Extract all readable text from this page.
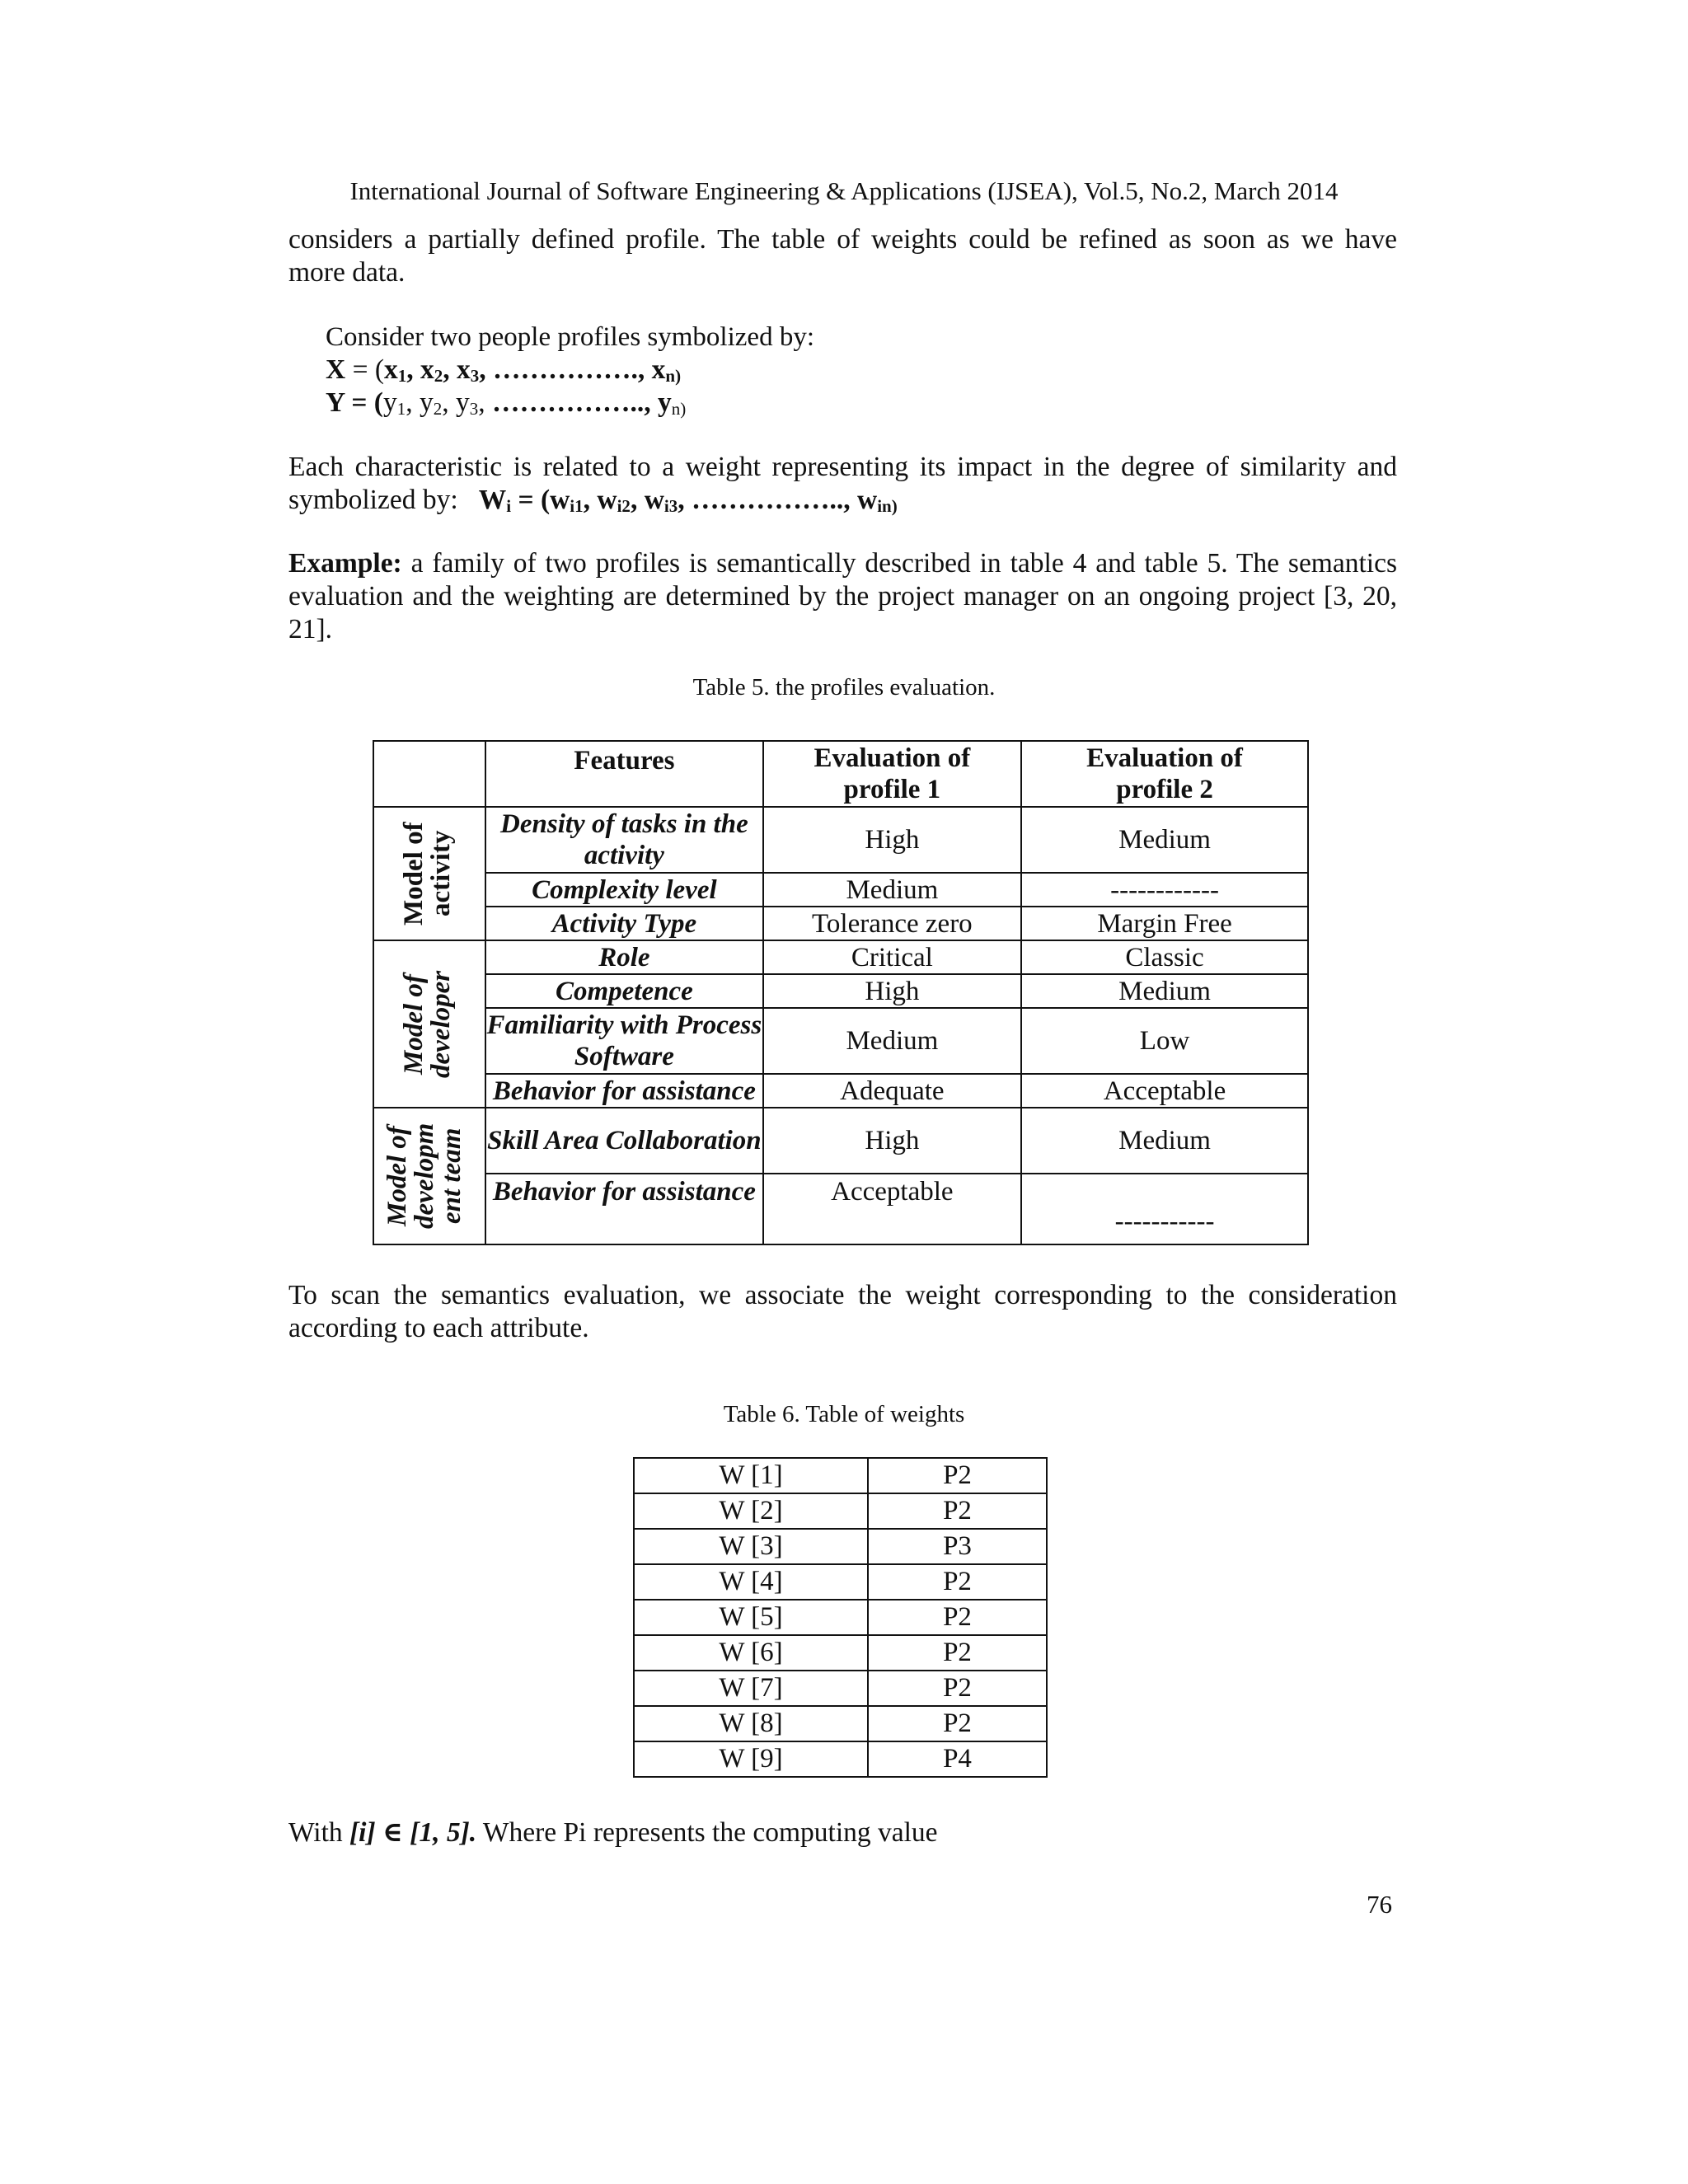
International Journal of Software Engineering & Applications (IJSEA), Vol.5, No.2, March 2014

considers a partially defined profile. The table of weights could be refined as soon as we have
more data.

Consider two people profiles symbolized by:
$X = (x_1$, $x_2$, $x_3$, ……………., $x_{n)}$
$Y = (y_1$, $y_2$, $y_3$, …………….., $y_{n)}$

Each characteristic is related to a weight representing its impact in the degree of similarity and
symbolized by: $W_i = (w_{i1}$, $w_{i2}$, $w_{i3}$, …………….., $w_{in)}$

Example: a family of two profiles is semantically described in table 4 and table 5. The semantics
evaluation and the weighting are determined by the project manager on an ongoing project [3, 20,
21].

Table 5. the profiles evaluation.
	Features	Evaluation of profile 1	Evaluation of profile 2

Model of activity	Density of tasks in the activity	High	Medium
	Complexity level	Medium	------------
	Activity Type	Tolerance zero	Margin Free

Model of developer	Role	Critical	Classic
	Competence	High	Medium
	Familiarity with Process Software	Medium	Low
	Behavior for assistance	Adequate	Acceptable

Model of developm ent team	Skill Area Collaboration	High	Medium
	Behavior for assistance	Acceptable	-----------

To scan the semantics evaluation, we associate the weight corresponding to the consideration
according to each attribute.

Table 6. Table of weights
W [1]	P2
W [2]	P2
W [3]	P3
W [4]	P2
W [5]	P2
W [6]	P2
W [7]	P2
W [8]	P2
W [9]	P4
With [i] ∈ [1, 5]. Where Pi represents the computing value
76
